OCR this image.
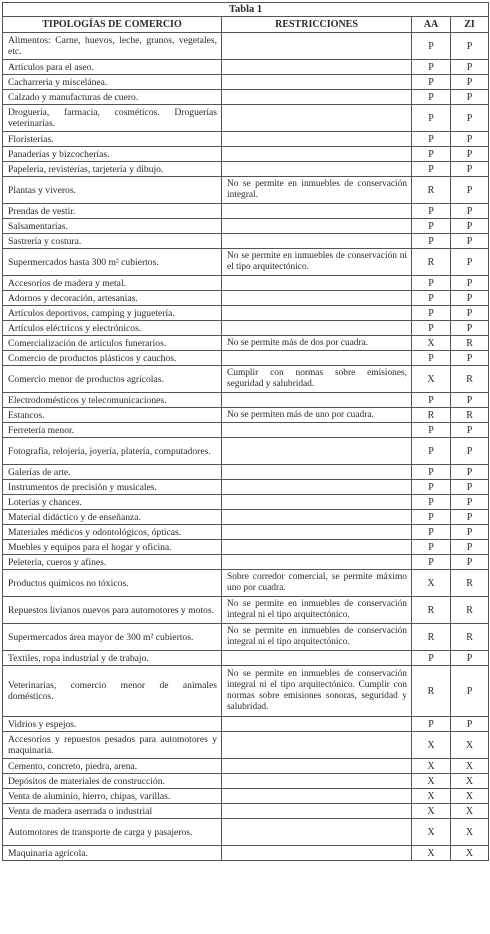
Tabla 1			
TIPOLOGÍAS DE COMERCIO	RESTRICCIONES	AA	ZI
Alimentos: Carne, huevos, leche, granos, vegetales, etc.		P	P
Artículos para el aseo.		P	P
Cacharrería y miscelánea.		P	P
Calzado y manufacturas de cuero.		P	P
Droguería, farmacia, cosméticos. Droguerías veterinarias.		P	P
Floristerías.		P	P
Panaderías y bizcocherías.		P	P
Papelería, revisterías, tarjetería y dibujo.		P	P
Plantas y viveros.	No se permite en inmuebles de conservación integral.	R	P
Prendas de vestir.		P	P
Salsamentarías.		P	P
Sastrería y costura.		P	P
Supermercados hasta 300 m² cubiertos.	No se permite en inmuebles de conservación ni el tipo arquitectónico.	R	P
Accesorios de madera y metal.		P	P
Adornos y decoración, artesanías.		P	P
Artículos deportivos, camping y juguetería.		P	P
Artículos eléctricos y electrónicos.		P	P
Comercialización de artículos funerarios.	No se permite más de dos por cuadra.	X	R
Comercio de productos plásticos y cauchos.		P	P
Comercio menor de productos agrícolas.	Cumplir con normas sobre emisiones, seguridad y salubridad.	X	R
Electrodomésticos y telecomunicaciones.		P	P
Estancos.	No se permiten más de uno por cuadra.	R	R
Ferretería menor.		P	P
Fotografía, relojería, joyería, platería, computadores.		P	P
Galerías de arte.		P	P
Instrumentos de precisión y musicales.		P	P
Loterías y chances.		P	P
Material didáctico y de enseñanza.		P	P
Materiales médicos y odontológicos, ópticas.		P	P
Muebles y equipos para el hogar y oficina.		P	P
Peletería, cueros y afines.		P	P
Productos químicos no tóxicos.	Sobre corredor comercial, se permite máximo uno por cuadra.	X	R
Repuestos livianos nuevos para automotores y motos.	No se permite en inmuebles de conservación integral ni el tipo arquitectónico.	R	R
Supermercados área mayor de 300 m² cubiertos.	No se permite en inmuebles de conservación integral ni el tipo arquitectónico.	R	R
Textiles, ropa industrial y de trabajo.		P	P
Veterinarias, comercio menor de animales domésticos.	No se permite en inmuebles de conservación integral ni el tipo arquitectónico. Cumplir con normas sobre emisiones sonoras, seguridad y salubridad.	R	P
Vidrios y espejos.		P	P
Accesorios y repuestos pesados para automotores y maquinaria.		X	X
Cemento, concreto, piedra, arena.		X	X
Depósitos de materiales de construcción.		X	X
Venta de aluminio, hierro, chipas, varillas.		X	X
Venta de madera aserrada o industrial		X	X
Automotores de transporte de carga y pasajeros.		X	X
Maquinaria agrícola.		X	X
